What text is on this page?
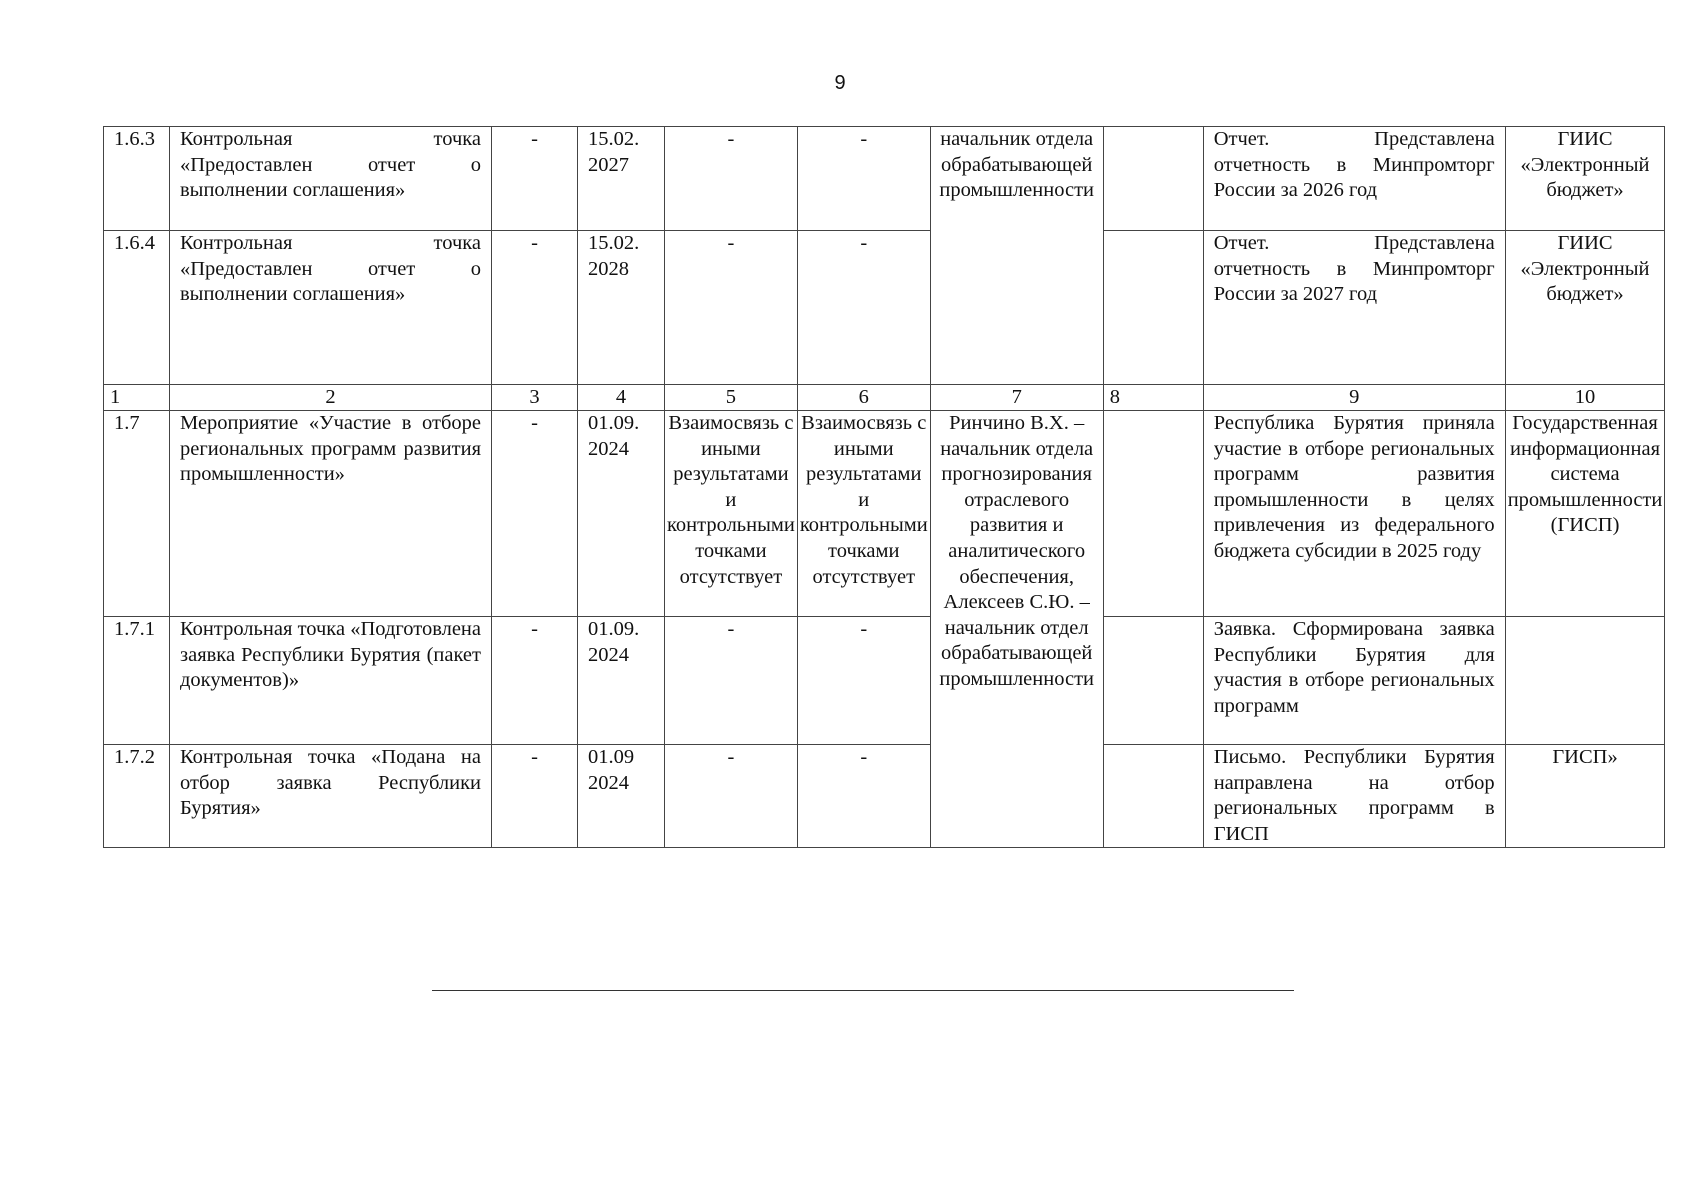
9
1.6.3	Контрольная точка «Предоставлен отчет о выполнении соглашения»	-	15.02. 2027	-	-	начальник отдела обрабатывающей промышленности		Отчет. Представлена отчетность в Минпромторг России за 2026 год	ГИИС «Электронный бюджет»
1.6.4	Контрольная точка «Предоставлен отчет о выполнении соглашения»	-	15.02. 2028	-	-			Отчет. Представлена отчетность в Минпромторг России за 2027 год	ГИИС «Электронный бюджет»
1	2	3	4	5	6	7	8	9	10
1.7	Мероприятие «Участие в отборе региональных программ развития промышленности»	-	01.09. 2024	Взаимосвязь с иными результатами и контрольными точками отсутствует	Взаимосвязь с иными результатами и контрольными точками отсутствует	Ринчино В.Х. – начальник отдела прогнозирования отраслевого развития и аналитического обеспечения, Алексеев С.Ю. – начальник отдел обрабатывающей промышленности		Республика Бурятия приняла участие в отборе региональных программ развития промышленности в целях привлечения из федерального бюджета субсидии в 2025 году	Государственная информационная система промышленности (ГИСП)
1.7.1	Контрольная точка «Подготовлена заявка Республики Бурятия (пакет документов)»	-	01.09. 2024	-	-			Заявка. Сформирована заявка Республики Бурятия для участия в отборе региональных программ	
1.7.2	Контрольная точка «Подана на отбор заявка Республики Бурятия»	-	01.09 2024	-	-			Письмо. Республики Бурятия направлена на отбор региональных программ в ГИСП	ГИСП»
